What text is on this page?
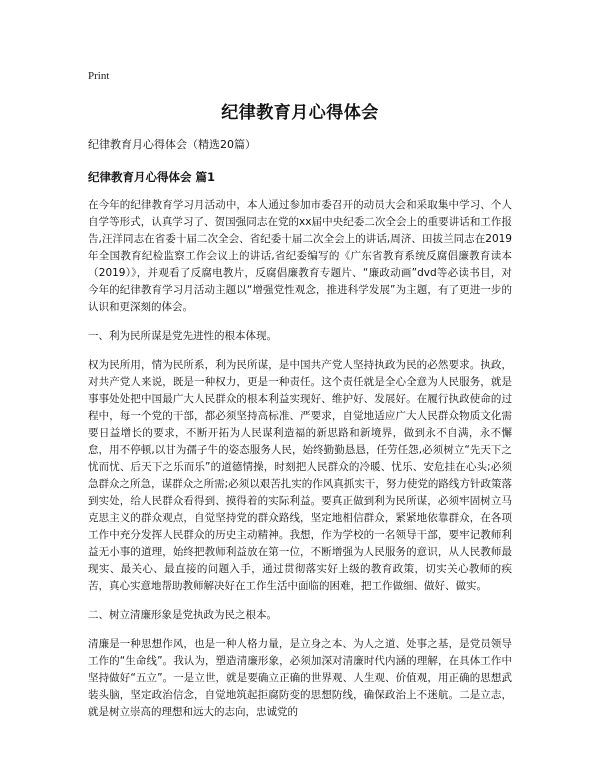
Print
纪律教育月心得体会
纪律教育月心得体会（精选20篇）
纪律教育月心得体会 篇1
在今年的纪律教育学习月活动中，本人通过参加市委召开的动员大会和采取集中学习、个人自学等形式，认真学习了、贺国强同志在党的xx届中央纪委二次全会上的重要讲话和工作报告,汪洋同志在省委十届二次全会、省纪委十届二次全会上的讲话,周济、田拔兰同志在2019年全国教育纪检监察工作会议上的讲话,省纪委编写的《广东省教育系统反腐倡廉教育读本（2019）》，并观看了反腐电教片，反腐倡廉教育专题片、“廉政动画”dvd等必读书目，对今年的纪律教育学习月活动主题以“增强党性观念，推进科学发展”为主题，有了更进一步的认识和更深刻的体会。
一、利为民所谋是党先进性的根本体现。
权为民所用，情为民所系，利为民所谋，是中国共产党人坚持执政为民的必然要求。执政，对共产党人来说，既是一种权力，更是一种责任。这个责任就是全心全意为人民服务，就是事事处处把中国最广大人民群众的根本利益实现好、维护好、发展好。在履行执政使命的过程中，每一个党的干部，都必须坚持高标准、严要求，自觉地适应广大人民群众物质文化需要日益增长的要求，不断开拓为人民谋利造福的新思路和新境界，做到永不自满，永不懈怠，用不停顿,以甘为孺子牛的姿态服务人民，始终勤勤恳恳，任劳任怨,必须树立“先天下之忧而忧、后天下之乐而乐”的道德情操，时刻把人民群众的冷暖、忧乐、安危挂在心头;必须急群众之所急，谋群众之所需;必须以艰苦扎实的作风真抓实干，努力使党的路线方针政策落到实处，给人民群众看得到、摸得着的实际利益。要真正做到利为民所谋，必须牢固树立马克思主义的群众观点，自觉坚持党的群众路线，坚定地相信群众，紧紧地依靠群众，在各项工作中充分发挥人民群众的历史主动精神。我想，作为学校的一名领导干部，要牢记教师利益无小事的道理，始终把教师利益放在第一位，不断增强为人民服务的意识，从人民教师最现实、最关心、最直接的问题入手，通过贯彻落实好上级的教育政策，切实关心教师的疾苦，真心实意地帮助教师解决好在工作生活中面临的困难，把工作做细、做好、做实。
二、树立清廉形象是党执政为民之根本。
清廉是一种思想作风，也是一种人格力量，是立身之本、为人之道、处事之基，是党员领导工作的“生命线”。我认为，塑造清廉形象，必须加深对清廉时代内涵的理解，在具体工作中坚持做好“五立”。一是立世，就是要确立正确的世界观、人生观、价值观，用正确的思想武装头脑，坚定政治信念，自觉地筑起拒腐防变的思想防线，确保政治上不迷航。二是立志，就是树立崇高的理想和远大的志向，忠诚党的
